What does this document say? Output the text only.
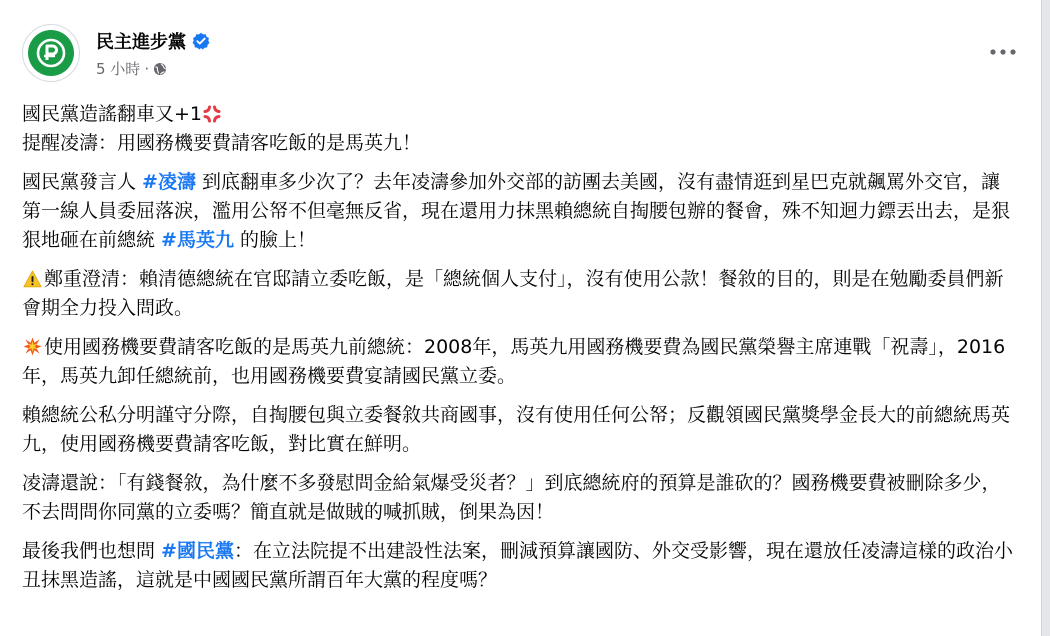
民主進步黨
5 小時 ·

國民黨造謠翻車又+1
提醒凌濤：用國務機要費請客吃飯的是馬英九！

國民黨發言人 #凌濤 到底翻車多少次了？去年凌濤參加外交部的訪團去美國，沒有盡情逛到星巴克就飆罵外交官，讓第一線人員委屈落淚，濫用公帑不但毫無反省，現在還用力抹黑賴總統自掏腰包辦的餐會，殊不知迴力鏢丟出去，是狠狠地砸在前總統 #馬英九 的臉上！

鄭重澄清：賴清德總統在官邸請立委吃飯，是「總統個人支付」，沒有使用公款！餐敘的目的，則是在勉勵委員們新會期全力投入問政。

使用國務機要費請客吃飯的是馬英九前總統：2008年，馬英九用國務機要費為國民黨榮譽主席連戰「祝壽」，2016年，馬英九卸任總統前，也用國務機要費宴請國民黨立委。

賴總統公私分明謹守分際，自掏腰包與立委餐敘共商國事，沒有使用任何公帑；反觀領國民黨獎學金長大的前總統馬英九，使用國務機要費請客吃飯，對比實在鮮明。

凌濤還說：「有錢餐敘，為什麼不多發慰問金給氣爆受災者？」到底總統府的預算是誰砍的？國務機要費被刪除多少，不去問問你同黨的立委嗎？簡直就是做賊的喊抓賊，倒果為因！

最後我們也想問 #國民黨：在立法院提不出建設性法案，刪減預算讓國防、外交受影響，現在還放任凌濤這樣的政治小丑抹黑造謠，這就是中國國民黨所謂百年大黨的程度嗎？
